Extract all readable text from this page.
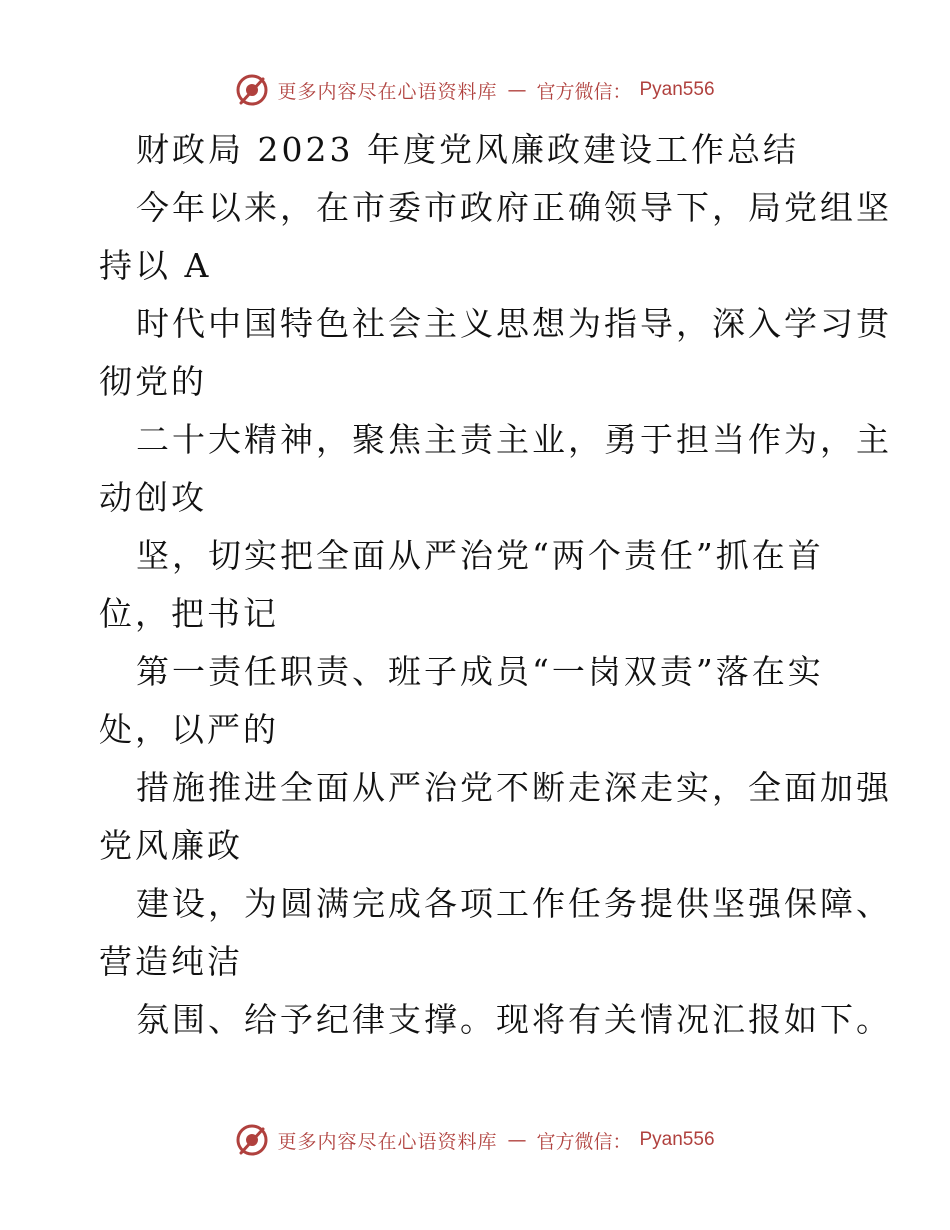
更多内容尽在心语资料库 — 官方微信： Pyan556
财政局 2023 年度党风廉政建设工作总结
今年以来，在市委市政府正确领导下，局党组坚
持以 A
时代中国特色社会主义思想为指导，深入学习贯
彻党的
二十大精神，聚焦主责主业，勇于担当作为，主
动创攻
坚，切实把全面从严治党“两个责任”抓在首
位，把书记
第一责任职责、班子成员“一岗双责”落在实
处，以严的
措施推进全面从严治党不断走深走实，全面加强
党风廉政
建设，为圆满完成各项工作任务提供坚强保障、
营造纯洁
氛围、给予纪律支撑。现将有关情况汇报如下。
更多内容尽在心语资料库 — 官方微信： Pyan556
